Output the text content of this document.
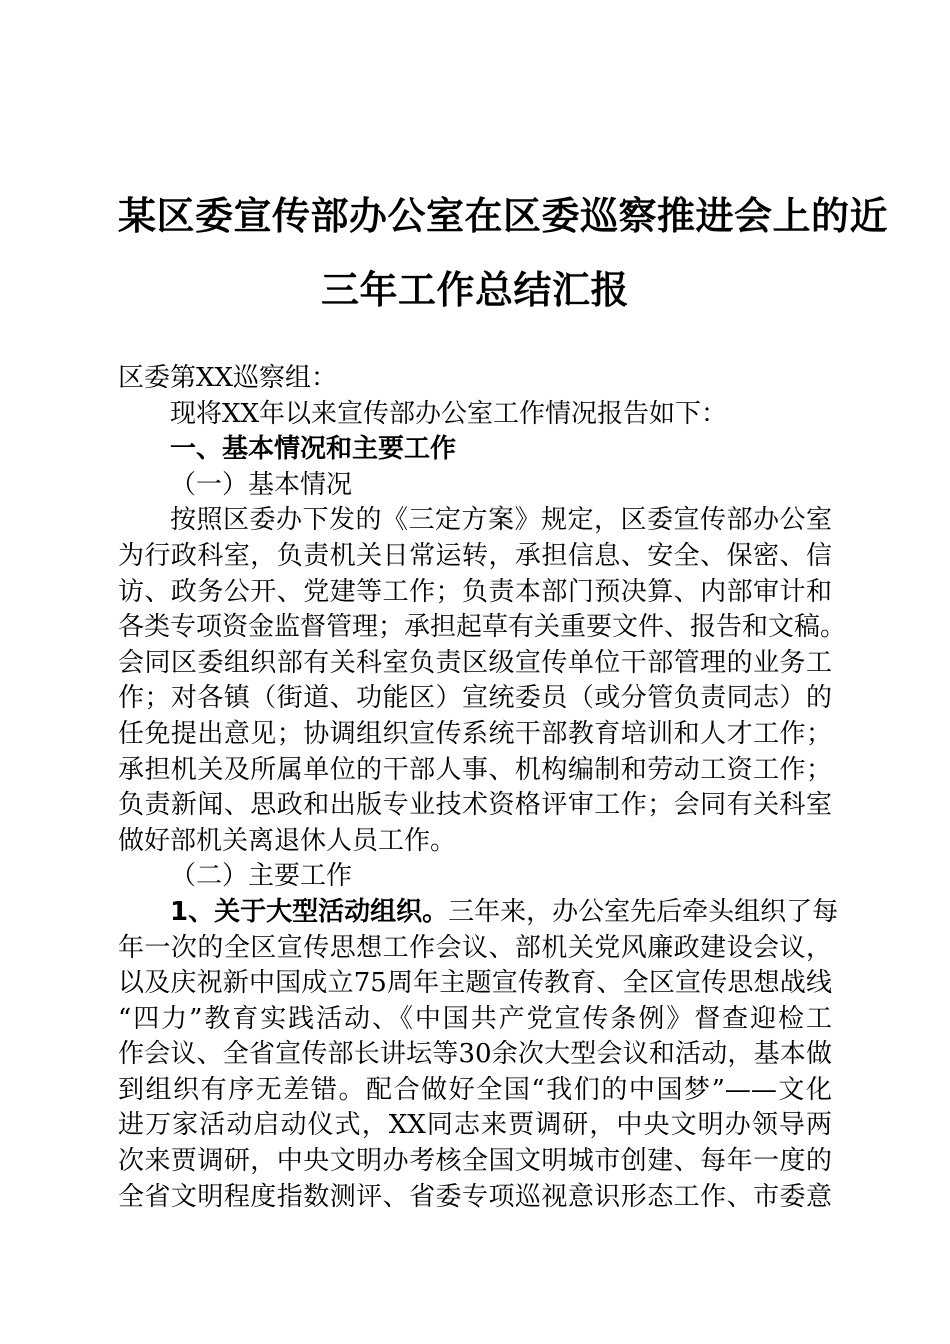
某区委宣传部办公室在区委巡察推进会上的近
三年工作总结汇报
区委第XX巡察组：
现将XX年以来宣传部办公室工作情况报告如下：
一、基本情况和主要工作
（一）基本情况
按照区委办下发的《三定方案》规定，区委宣传部办公室
为行政科室，负责机关日常运转，承担信息、安全、保密、信
访、政务公开、党建等工作；负责本部门预决算、内部审计和
各类专项资金监督管理；承担起草有关重要文件、报告和文稿。
会同区委组织部有关科室负责区级宣传单位干部管理的业务工
作；对各镇（街道、功能区）宣统委员（或分管负责同志）的
任免提出意见；协调组织宣传系统干部教育培训和人才工作；
承担机关及所属单位的干部人事、机构编制和劳动工资工作；
负责新闻、思政和出版专业技术资格评审工作；会同有关科室
做好部机关离退休人员工作。
（二）主要工作
1、关于大型活动组织。三年来，办公室先后牵头组织了每
年一次的全区宣传思想工作会议、部机关党风廉政建设会议，
以及庆祝新中国成立75周年主题宣传教育、全区宣传思想战线
“四力”教育实践活动、《中国共产党宣传条例》督查迎检工
作会议、全省宣传部长讲坛等30余次大型会议和活动，基本做
到组织有序无差错。配合做好全国“我们的中国梦”——文化
进万家活动启动仪式，XX同志来贾调研，中央文明办领导两
次来贾调研，中央文明办考核全国文明城市创建、每年一度的
全省文明程度指数测评、省委专项巡视意识形态工作、市委意
